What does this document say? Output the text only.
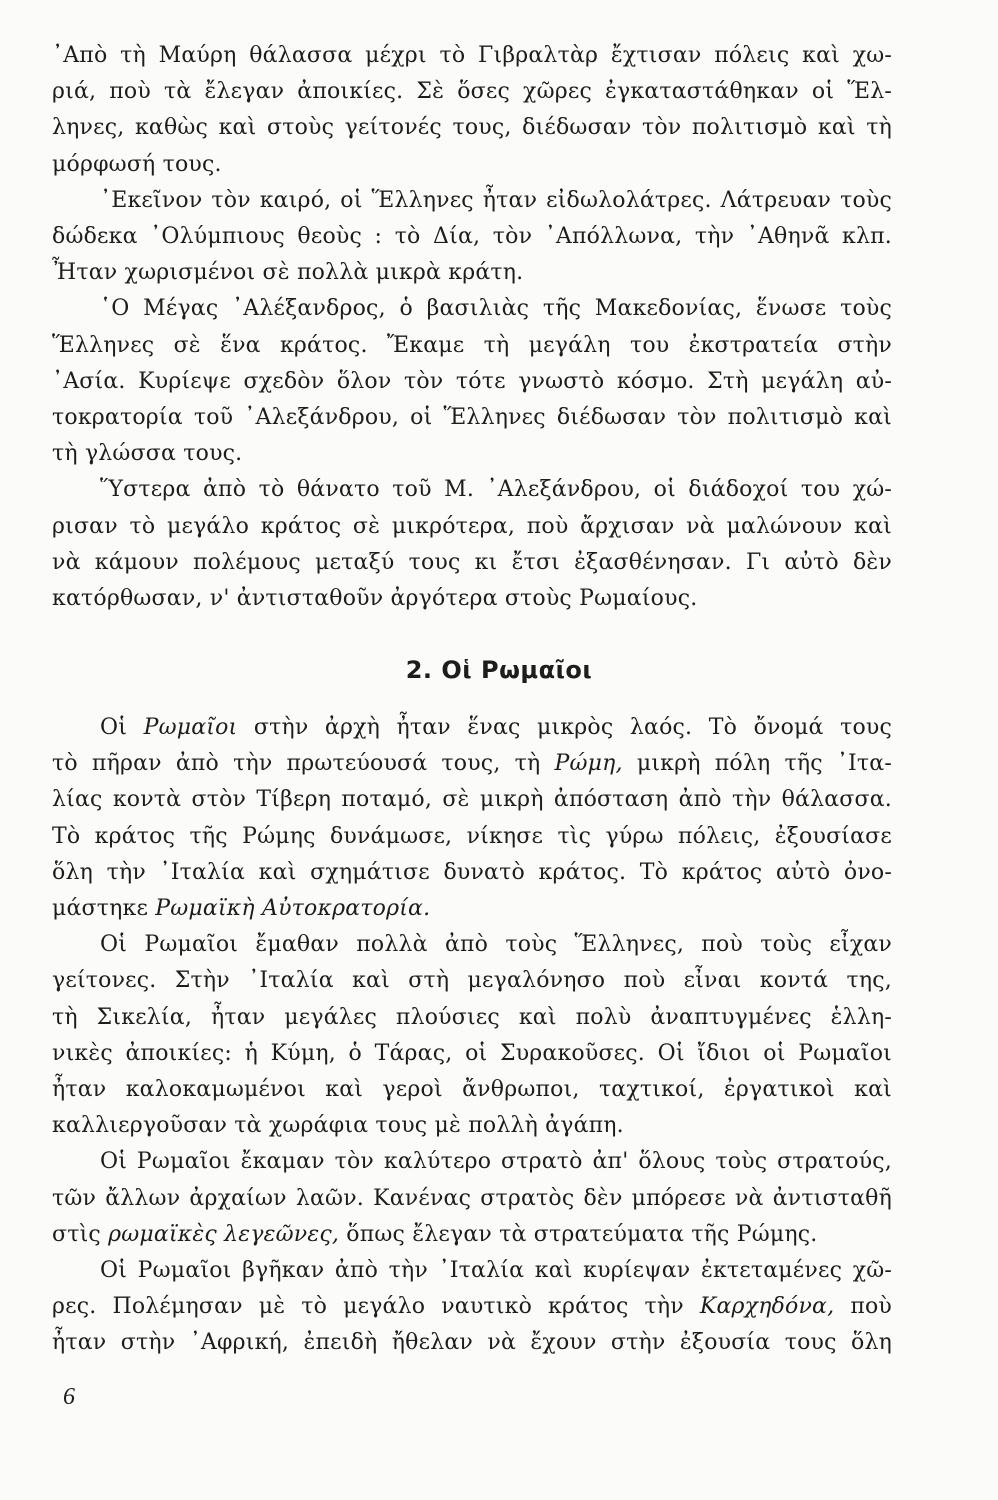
᾿Απὸ τὴ Μαύρη θάλασσα μέχρι τὸ Γιβραλτὰρ ἔχτισαν πόλεις καὶ χω-
ριά, ποὺ τὰ ἔλεγαν ἀποικίες. Σὲ ὅσες χῶρες ἐγκαταστάθηκαν οἱ Ἕλ-
ληνες, καθὼς καὶ στοὺς γείτονές τους, διέδωσαν τὸν πολιτισμὸ καὶ τὴ
μόρφωσή τους.
᾿Εκεῖνον τὸν καιρό, οἱ Ἕλληνες ἦταν εἰδωλολάτρες. Λάτρευαν τοὺς
δώδεκα ᾿Ολύμπιους θεοὺς : τὸ Δία, τὸν ᾿Απόλλωνα, τὴν ᾿Αθηνᾶ κλπ.
Ἦταν χωρισμένοι σὲ πολλὰ μικρὰ κράτη.
῾Ο Μέγας ᾿Αλέξανδρος, ὁ βασιλιὰς τῆς Μακεδονίας, ἕνωσε τοὺς
Ἕλληνες σὲ ἕνα κράτος. Ἔκαμε τὴ μεγάλη του ἐκστρατεία στὴν
᾿Ασία. Κυρίεψε σχεδὸν ὅλον τὸν τότε γνωστὸ κόσμο. Στὴ μεγάλη αὐ-
τοκρατορία τοῦ ᾿Αλεξάνδρου, οἱ Ἕλληνες διέδωσαν τὸν πολιτισμὸ καὶ
τὴ γλώσσα τους.
Ὕστερα ἀπὸ τὸ θάνατο τοῦ Μ. ᾿Αλεξάνδρου, οἱ διάδοχοί του χώ-
ρισαν τὸ μεγάλο κράτος σὲ μικρότερα, ποὺ ἄρχισαν νὰ μαλώνουν καὶ
νὰ κάμουν πολέμους μεταξύ τους κι ἔτσι ἐξασθένησαν. Γι αὐτὸ δὲν
κατόρθωσαν, ν' ἀντισταθοῦν ἀργότερα στοὺς Ρωμαίους.
2. Οἱ Ρωμαῖοι
Οἱ Ρωμαῖοι στὴν ἀρχὴ ἦταν ἕνας μικρὸς λαός. Τὸ ὄνομά τους
τὸ πῆραν ἀπὸ τὴν πρωτεύουσά τους, τὴ Ρώμη, μικρὴ πόλη τῆς ᾿Ιτα-
λίας κοντὰ στὸν Τίβερη ποταμό, σὲ μικρὴ ἀπόσταση ἀπὸ τὴν θάλασσα.
Τὸ κράτος τῆς Ρώμης δυνάμωσε, νίκησε τὶς γύρω πόλεις, ἐξουσίασε
ὅλη τὴν ᾿Ιταλία καὶ σχημάτισε δυνατὸ κράτος. Τὸ κράτος αὐτὸ ὀνο-
μάστηκε Ρωμαϊκὴ Αὐτοκρατορία.
Οἱ Ρωμαῖοι ἔμαθαν πολλὰ ἀπὸ τοὺς Ἕλληνες, ποὺ τοὺς εἶχαν
γείτονες. Στὴν ᾿Ιταλία καὶ στὴ μεγαλόνησο ποὺ εἶναι κοντά της,
τὴ Σικελία, ἦταν μεγάλες πλούσιες καὶ πολὺ ἀναπτυγμένες ἑλλη-
νικὲς ἀποικίες: ἡ Κύμη, ὁ Τάρας, οἱ Συρακοῦσες. Οἱ ἴδιοι οἱ Ρωμαῖοι
ἦταν καλοκαμωμένοι καὶ γεροὶ ἄνθρωποι, ταχτικοί, ἐργατικοὶ καὶ
καλλιεργοῦσαν τὰ χωράφια τους μὲ πολλὴ ἀγάπη.
Οἱ Ρωμαῖοι ἔκαμαν τὸν καλύτερο στρατὸ ἀπ' ὅλους τοὺς στρατούς,
τῶν ἄλλων ἀρχαίων λαῶν. Κανένας στρατὸς δὲν μπόρεσε νὰ ἀντισταθῆ
στὶς ρωμαϊκὲς λεγεῶνες, ὅπως ἔλεγαν τὰ στρατεύματα τῆς Ρώμης.
Οἱ Ρωμαῖοι βγῆκαν ἀπὸ τὴν ᾿Ιταλία καὶ κυρίεψαν ἐκτεταμένες χῶ-
ρες. Πολέμησαν μὲ τὸ μεγάλο ναυτικὸ κράτος τὴν Καρχηδόνα, ποὺ
ἦταν στὴν ᾿Αφρική, ἐπειδὴ ἤθελαν νὰ ἔχουν στὴν ἐξουσία τους ὅλη
6
